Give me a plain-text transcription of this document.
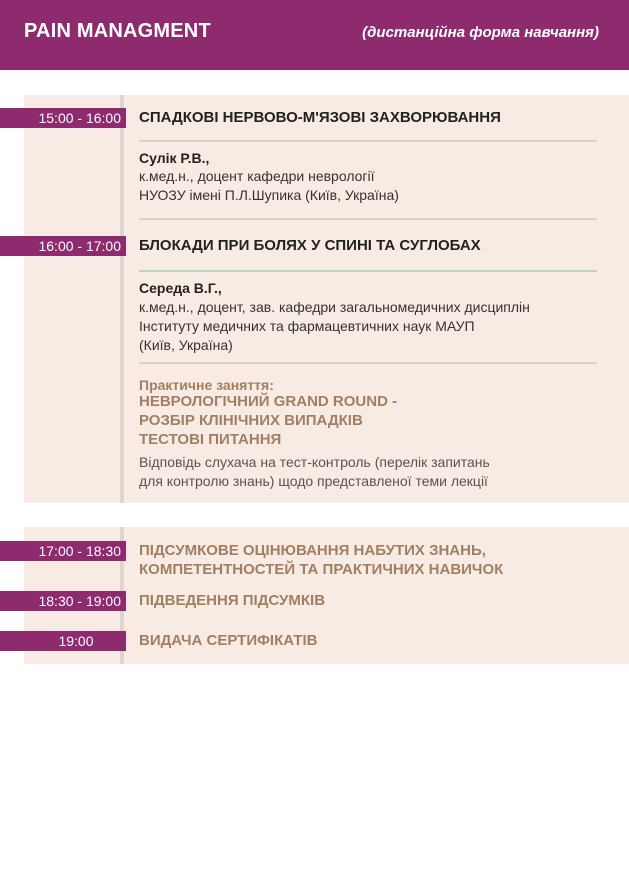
PAIN MANAGMENT	(дистанційна форма навчання)
15:00 - 16:00	СПАДКОВІ НЕРВОВО-М'ЯЗОВІ ЗАХВОРЮВАННЯ
Сулік Р.В.,
к.мед.н., доцент кафедри неврології
НУОЗУ імені П.Л.Шупика (Київ, Україна)
16:00 - 17:00	БЛОКАДИ ПРИ БОЛЯХ У СПИНІ ТА СУГЛОБАХ
Середа В.Г.,
к.мед.н., доцент, зав. кафедри загальномедичних дисциплін
Інституту медичних та фармацевтичних наук МАУП
(Київ, Україна)
Практичне заняття:
НЕВРОЛОГІЧНИЙ GRAND ROUND -
РОЗБІР КЛІНІЧНИХ ВИПАДКІВ
ТЕСТОВІ ПИТАННЯ
Відповідь слухача на тест-контроль (перелік запитань
для контролю знань) щодо представленої теми лекції
17:00 - 18:30	ПІДСУМКОВЕ ОЦІНЮВАННЯ НАБУТИХ ЗНАНЬ,
КОМПЕТЕНТНОСТЕЙ ТА ПРАКТИЧНИХ НАВИЧОК
18:30 - 19:00	ПІДВЕДЕННЯ ПІДСУМКІВ
19:00	ВИДАЧА СЕРТИФІКАТІВ
